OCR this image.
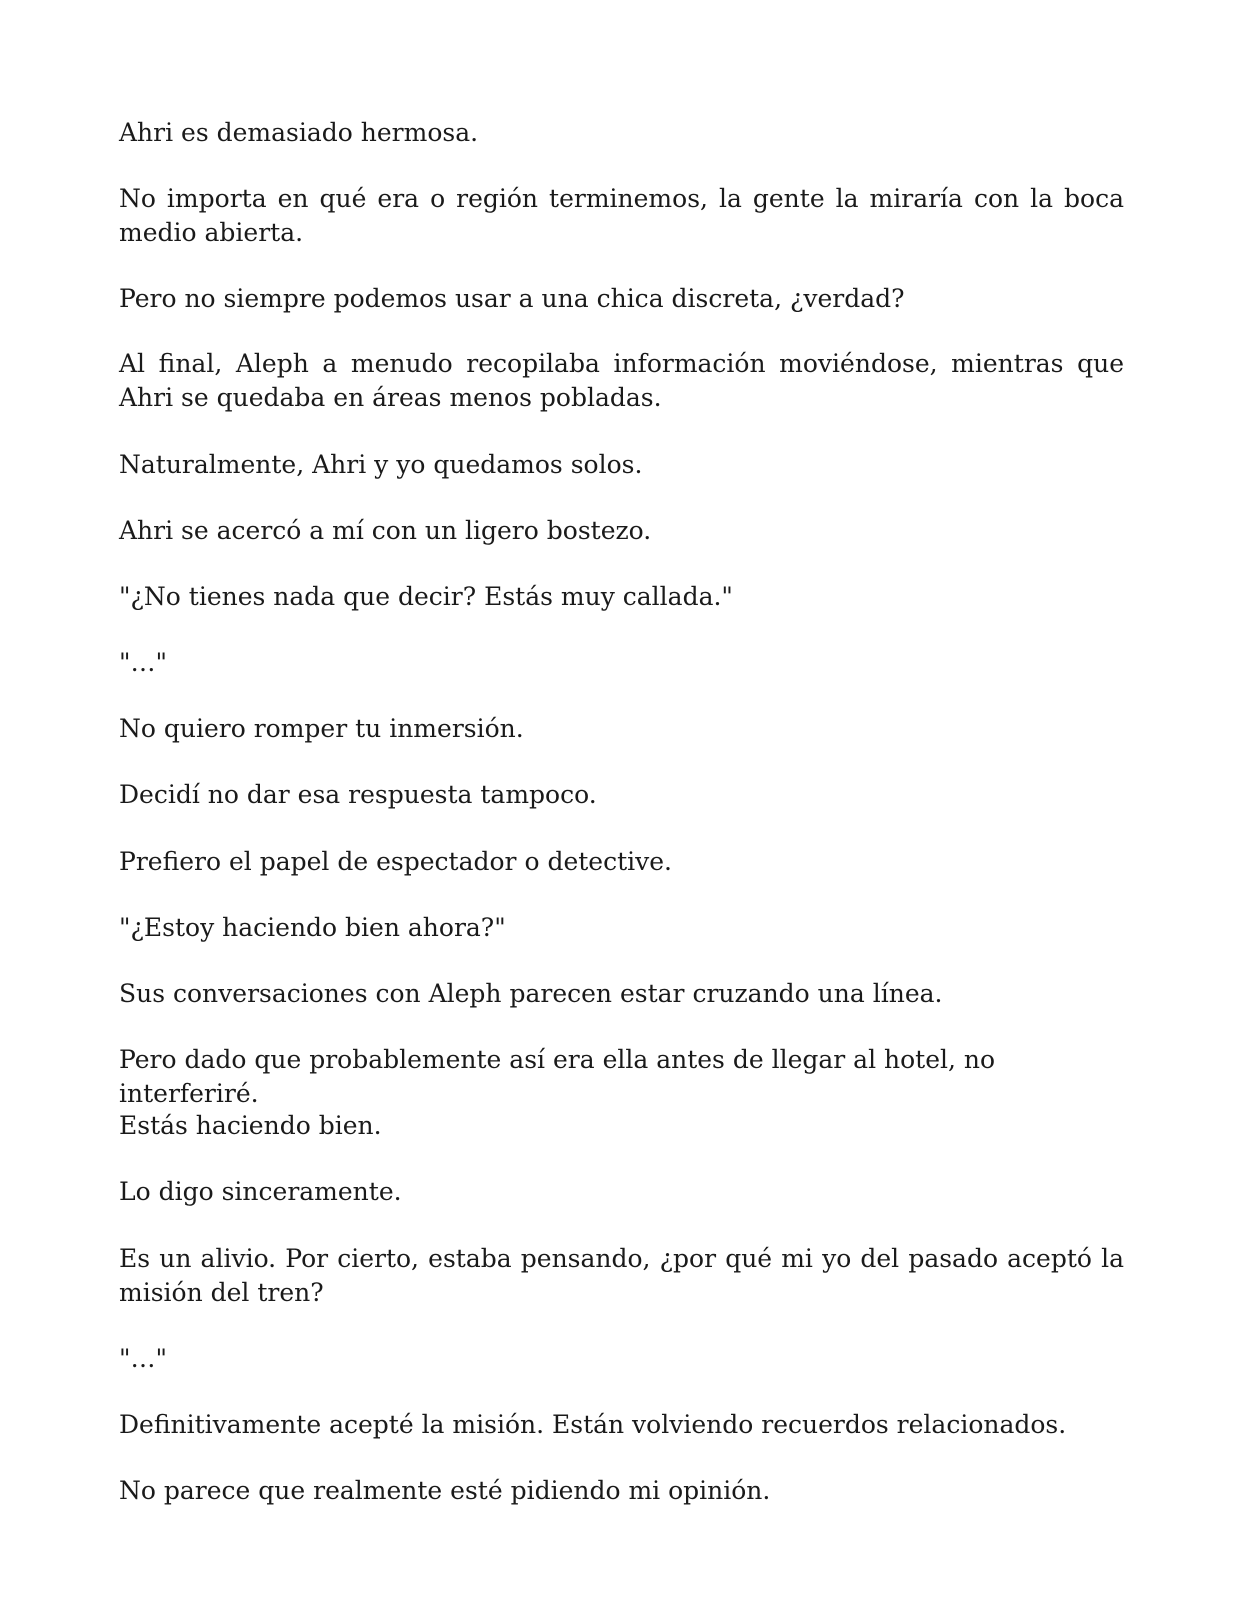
Ahri es demasiado hermosa.

No importa en qué era o región terminemos, la gente la miraría con la boca medio abierta.

Pero no siempre podemos usar a una chica discreta, ¿verdad?

Al final, Aleph a menudo recopilaba información moviéndose, mientras que Ahri se quedaba en áreas menos pobladas.

Naturalmente, Ahri y yo quedamos solos.

Ahri se acercó a mí con un ligero bostezo.

"¿No tienes nada que decir? Estás muy callada."

"…"

No quiero romper tu inmersión.

Decidí no dar esa respuesta tampoco.

Prefiero el papel de espectador o detective.

"¿Estoy haciendo bien ahora?"

Sus conversaciones con Aleph parecen estar cruzando una línea.

Pero dado que probablemente así era ella antes de llegar al hotel, no interferiré.

Estás haciendo bien.

Lo digo sinceramente.

Es un alivio. Por cierto, estaba pensando, ¿por qué mi yo del pasado aceptó la misión del tren?

"…"

Definitivamente acepté la misión. Están volviendo recuerdos relacionados.

No parece que realmente esté pidiendo mi opinión.
